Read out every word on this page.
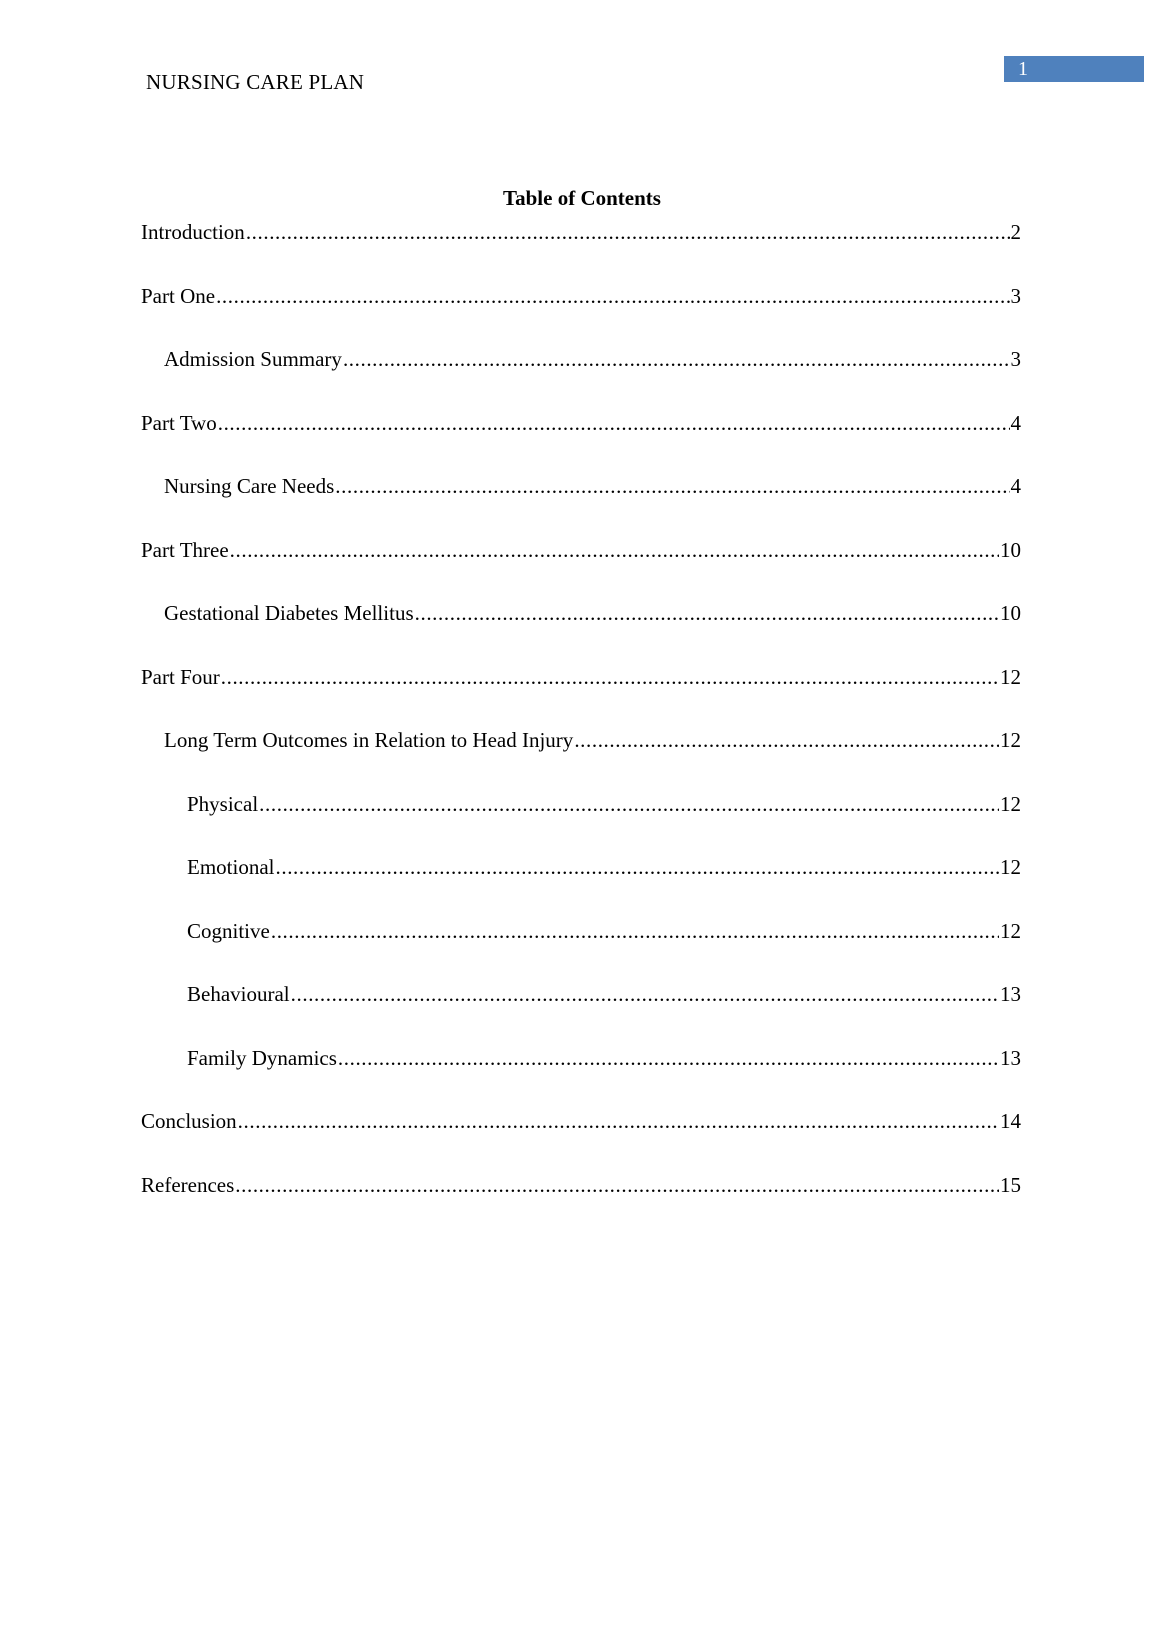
NURSING CARE PLAN
1
Table of Contents
Introduction .....	2
Part One .....	3
Admission Summary .....	3
Part Two .....	4
Nursing Care Needs .....	4
Part Three .....	10
Gestational Diabetes Mellitus .....	10
Part Four .....	12
Long Term Outcomes in Relation to Head Injury .....	12
Physical .....	12
Emotional .....	12
Cognitive .....	12
Behavioural .....	13
Family Dynamics .....	13
Conclusion .....	14
References .....	15
